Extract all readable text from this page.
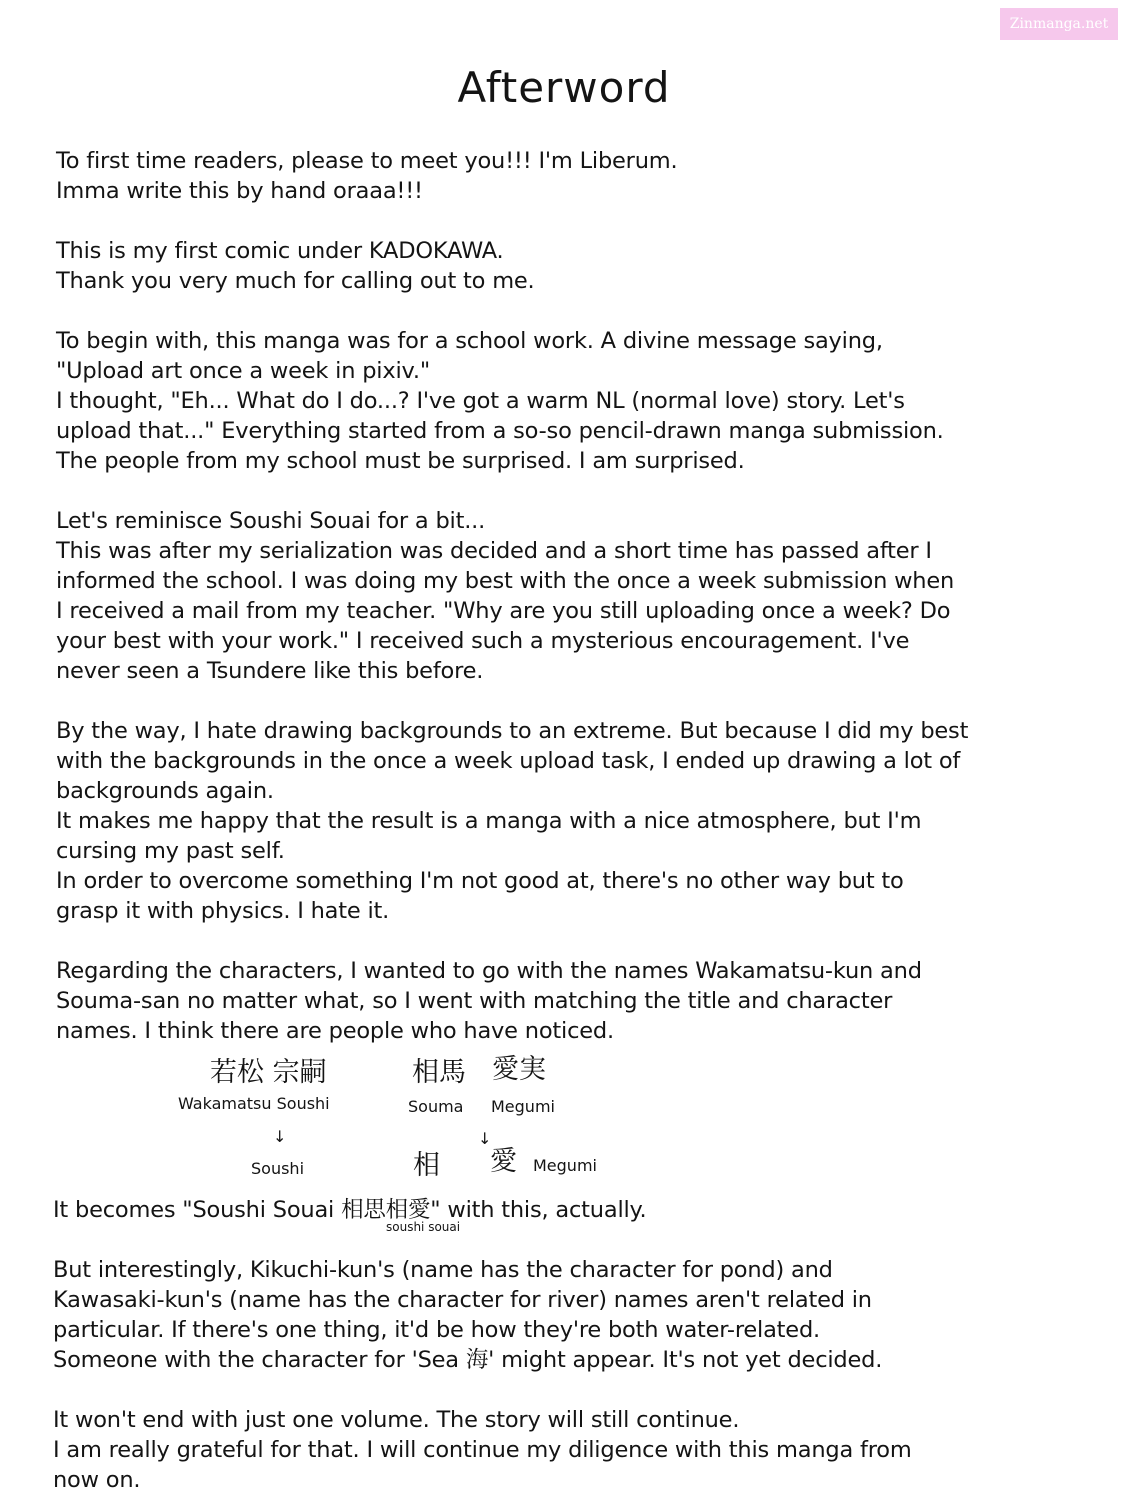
Zinmanga.net
Afterword
To first time readers, please to meet you!!! I'm Liberum.
Imma write this by hand oraaa!!!
This is my first comic under KADOKAWA.
Thank you very much for calling out to me.
To begin with, this manga was for a school work. A divine message saying,
"Upload art once a week in pixiv."
I thought, "Eh... What do I do...? I've got a warm NL (normal love) story. Let's
upload that..." Everything started from a so-so pencil-drawn manga submission.
The people from my school must be surprised. I am surprised.
Let's reminisce Soushi Souai for a bit...
This was after my serialization was decided and a short time has passed after I
informed the school. I was doing my best with the once a week submission when
I received a mail from my teacher. "Why are you still uploading once a week? Do
your best with your work." I received such a mysterious encouragement. I've
never seen a Tsundere like this before.
By the way, I hate drawing backgrounds to an extreme. But because I did my best
with the backgrounds in the once a week upload task, I ended up drawing a lot of
backgrounds again.
It makes me happy that the result is a manga with a nice atmosphere, but I'm
cursing my past self.
In order to overcome something I'm not good at, there's no other way but to
grasp it with physics. I hate it.
Regarding the characters, I wanted to go with the names Wakamatsu-kun and
Souma-san no matter what, so I went with matching the title and character
names. I think there are people who have noticed.
若松 宗嗣
Wakamatsu Soushi
相馬
Souma
愛実
Megumi
↓	↓
Soushi	相 愛 Megumi
It becomes "Soushi Souai 相思相愛" with this, actually.
soushi souai
But interestingly, Kikuchi-kun's (name has the character for pond) and
Kawasaki-kun's (name has the character for river) names aren't related in
particular. If there's one thing, it'd be how they're both water-related.
Someone with the character for 'Sea 海' might appear. It's not yet decided.
It won't end with just one volume. The story will still continue.
I am really grateful for that. I will continue my diligence with this manga from
now on.
